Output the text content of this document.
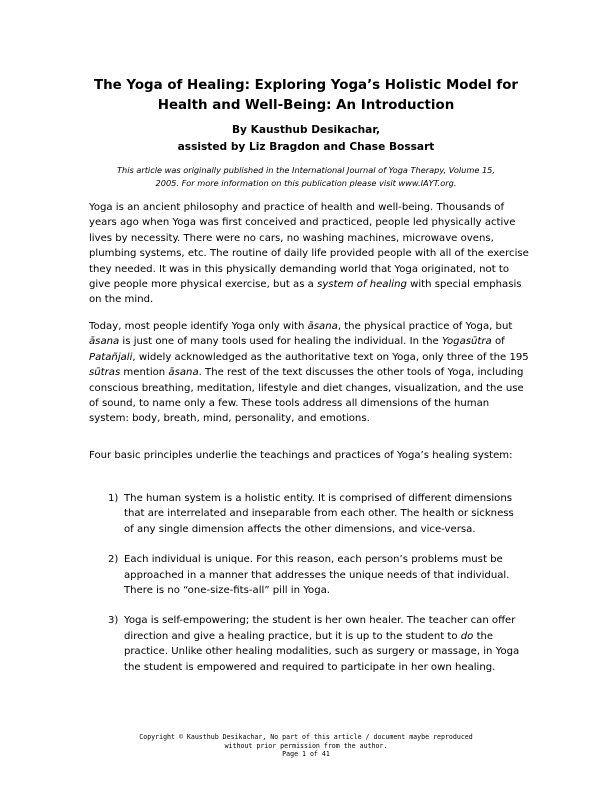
The Yoga of Healing: Exploring Yoga’s Holistic Model for
Health and Well-Being: An Introduction

By Kausthub Desikachar,
assisted by Liz Bragdon and Chase Bossart

This article was originally published in the International Journal of Yoga Therapy, Volume 15,
2005. For more information on this publication please visit www.IAYT.org.

Yoga is an ancient philosophy and practice of health and well-being. Thousands of years ago when Yoga was first conceived and practiced, people led physically active lives by necessity. There were no cars, no washing machines, microwave ovens, plumbing systems, etc. The routine of daily life provided people with all of the exercise they needed. It was in this physically demanding world that Yoga originated, not to give people more physical exercise, but as a system of healing with special emphasis on the mind.

Today, most people identify Yoga only with āsana, the physical practice of Yoga, but āsana is just one of many tools used for healing the individual. In the Yogasūtra of Patañjali, widely acknowledged as the authoritative text on Yoga, only three of the 195 sūtras mention āsana. The rest of the text discusses the other tools of Yoga, including conscious breathing, meditation, lifestyle and diet changes, visualization, and the use of sound, to name only a few. These tools address all dimensions of the human system: body, breath, mind, personality, and emotions.

Four basic principles underlie the teachings and practices of Yoga’s healing system:

1) The human system is a holistic entity. It is comprised of different dimensions that are interrelated and inseparable from each other. The health or sickness of any single dimension affects the other dimensions, and vice-versa.
2) Each individual is unique. For this reason, each person’s problems must be approached in a manner that addresses the unique needs of that individual. There is no “one-size-fits-all” pill in Yoga.
3) Yoga is self-empowering; the student is her own healer. The teacher can offer direction and give a healing practice, but it is up to the student to do the practice. Unlike other healing modalities, such as surgery or massage, in Yoga the student is empowered and required to participate in her own healing.

Copyright © Kausthub Desikachar, No part of this article / document maybe reproduced
without prior permission from the author.
Page 1 of 41
